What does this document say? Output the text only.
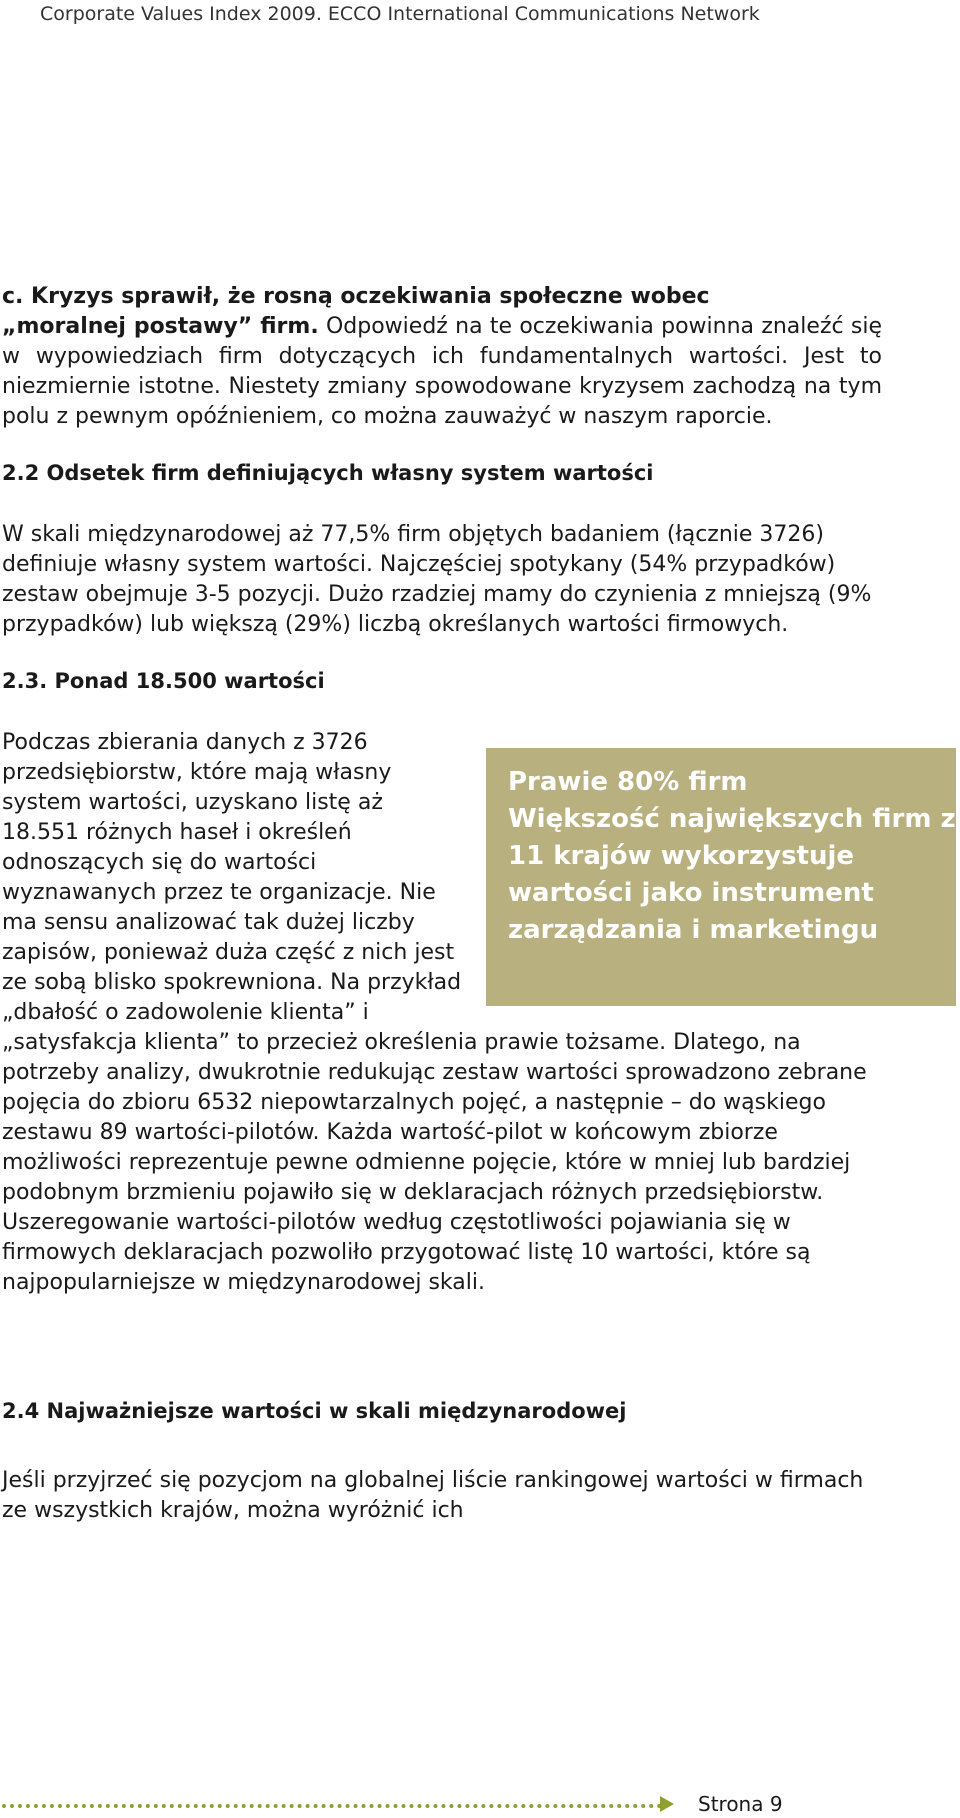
Corporate Values Index 2009. ECCO International Communications Network

c. Kryzys sprawił, że rosną oczekiwania społeczne wobec
„moralnej postawy” firm. Odpowiedź na te oczekiwania powinna znaleźć się w wypowiedziach firm dotyczących ich fundamentalnych wartości. Jest to niezmiernie istotne. Niestety zmiany spowodowane kryzysem zachodzą na tym polu z pewnym opóźnieniem, co można zauważyć w naszym raporcie.

2.2 Odsetek firm definiujących własny system wartości

W skali międzynarodowej aż 77,5% firm objętych badaniem (łącznie 3726) definiuje własny system wartości. Najczęściej spotykany (54% przypadków) zestaw obejmuje 3-5 pozycji. Dużo rzadziej mamy do czynienia z mniejszą (9% przypadków) lub większą (29%) liczbą określanych wartości firmowych.

2.3. Ponad 18.500 wartości

Prawie 80% firm
Większość największych firm z 11 krajów wykorzystuje wartości jako instrument zarządzania i marketingu

Podczas zbierania danych z 3726 przedsiębiorstw, które mają własny system wartości, uzyskano listę aż 18.551 różnych haseł i określeń odnoszących się do wartości wyznawanych przez te organizacje. Nie ma sensu analizować tak dużej liczby zapisów, ponieważ duża część z nich jest ze sobą blisko spokrewniona. Na przykład „dbałość o zadowolenie klienta” i „satysfakcja klienta” to przecież określenia prawie tożsame. Dlatego, na potrzeby analizy, dwukrotnie redukując zestaw wartości sprowadzono zebrane pojęcia do zbioru 6532 niepowtarzalnych pojęć, a następnie – do wąskiego zestawu 89 wartości-pilotów. Każda wartość-pilot w końcowym zbiorze możliwości reprezentuje pewne odmienne pojęcie, które w mniej lub bardziej podobnym brzmieniu pojawiło się w deklaracjach różnych przedsiębiorstw. Uszeregowanie wartości-pilotów według częstotliwości pojawiania się w firmowych deklaracjach pozwoliło przygotować listę 10 wartości, które są najpopularniejsze w międzynarodowej skali.

2.4 Najważniejsze wartości w skali międzynarodowej

Jeśli przyjrzeć się pozycjom na globalnej liście rankingowej wartości w firmach ze wszystkich krajów, można wyróżnić ich

Strona 9
